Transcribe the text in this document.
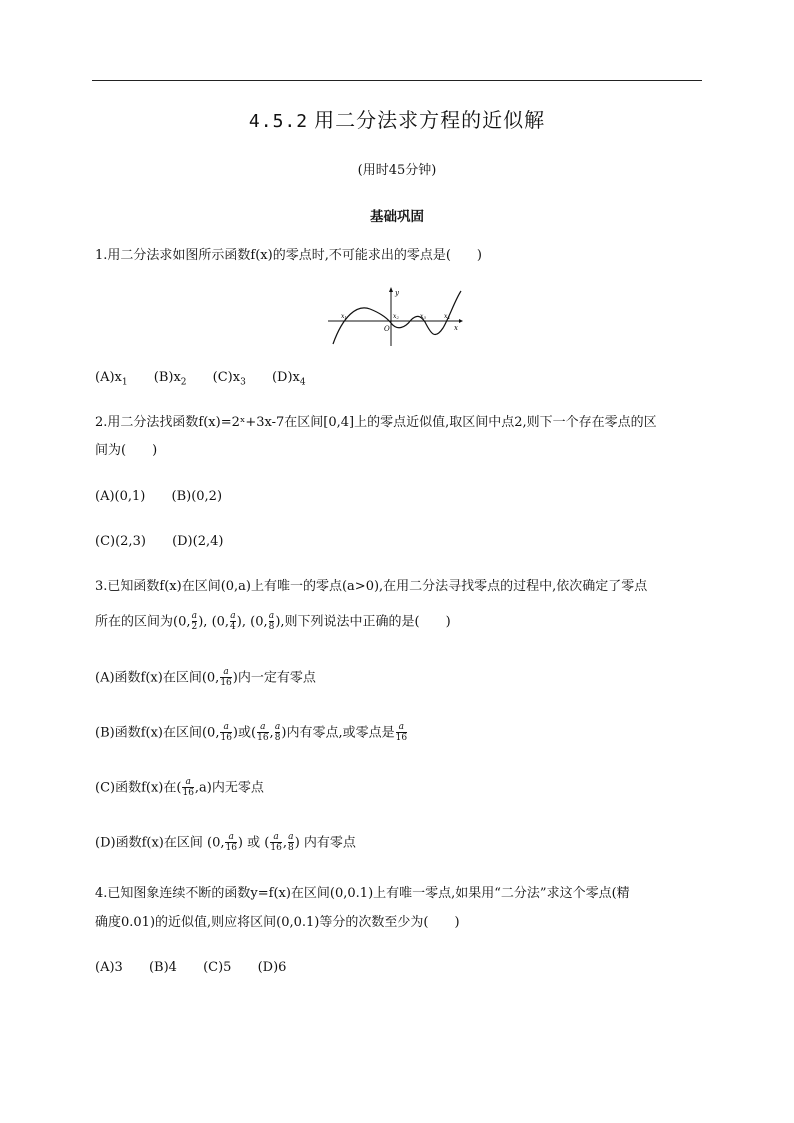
4.5.2 用二分法求方程的近似解
(用时45分钟)
基础巩固
1.用二分法求如图所示函数f(x)的零点时,不可能求出的零点是(　　)
y
x
O
x1	x2	x3	x4
$(A)x_1$ $(B)x_2$ $(C)x_3$ $(D)x_4$
2.用二分法找函数f(x)=2ˣ+3x-7在区间[0,4]上的零点近似值,取区间中点2,则下一个存在零点的区
间为(　　)
(A)(0,1) (B)(0,2)
(C)(2,3) (D)(2,4)
3.已知函数f(x)在区间(0,a)上有唯一的零点(a>0),在用二分法寻找零点的过程中,依次确定了零点
所在的区间为(0, $\frac{a}{2}$ ), (0, $\frac{a}{4}$ ), (0, $\frac{a}{8}$ ),则下列说法中正确的是(　　)
(A)函数f(x)在区间(0, $\frac{a}{16}$ )内一定有零点
(B)函数f(x)在区间(0, $\frac{a}{16}$ )或( $\frac{a}{16}$ , $\frac{a}{8}$ )内有零点,或零点是 $\frac{a}{16}$
(C)函数f(x)在( $\frac{a}{16} ,a$)内无零点
(D)函数f(x)在区间 (0, $\frac{a}{16}$ ) 或 ( $\frac{a}{16}$ , $\frac{a}{8}$ ) 内有零点
4.已知图象连续不断的函数y=f(x)在区间(0,0.1)上有唯一零点,如果用“二分法”求这个零点(精
确度0.01)的近似值,则应将区间(0,0.1)等分的次数至少为(　　)
(A)3 (B)4 (C)5 (D)6
